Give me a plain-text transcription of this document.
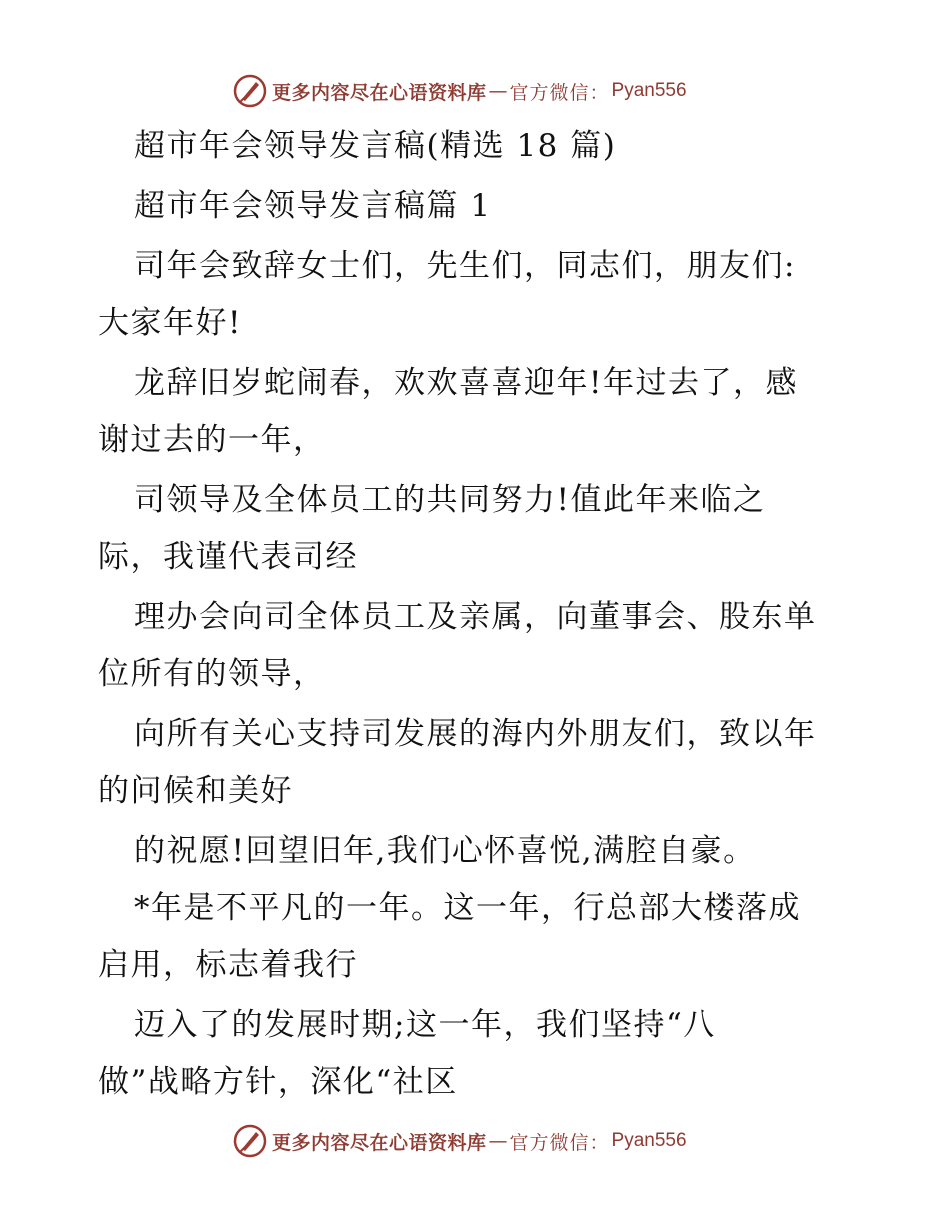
更多内容尽在心语资料库 — 官方微信： Pyan556
超市年会领导发言稿(精选 18 篇)
超市年会领导发言稿篇 1
司年会致辞女士们，先生们，同志们，朋友们:
大家年好!
龙辞旧岁蛇闹春，欢欢喜喜迎年!年过去了，感
谢过去的一年，
司领导及全体员工的共同努力!值此年来临之
际，我谨代表司经
理办会向司全体员工及亲属，向董事会、股东单
位所有的领导，
向所有关心支持司发展的海内外朋友们，致以年
的问候和美好
的祝愿!回望旧年,我们心怀喜悦,满腔自豪。
*年是不平凡的一年。这一年，行总部大楼落成
启用，标志着我行
迈入了的发展时期;这一年，我们坚持“八
做”战略方针，深化“社区
更多内容尽在心语资料库 — 官方微信： Pyan556
